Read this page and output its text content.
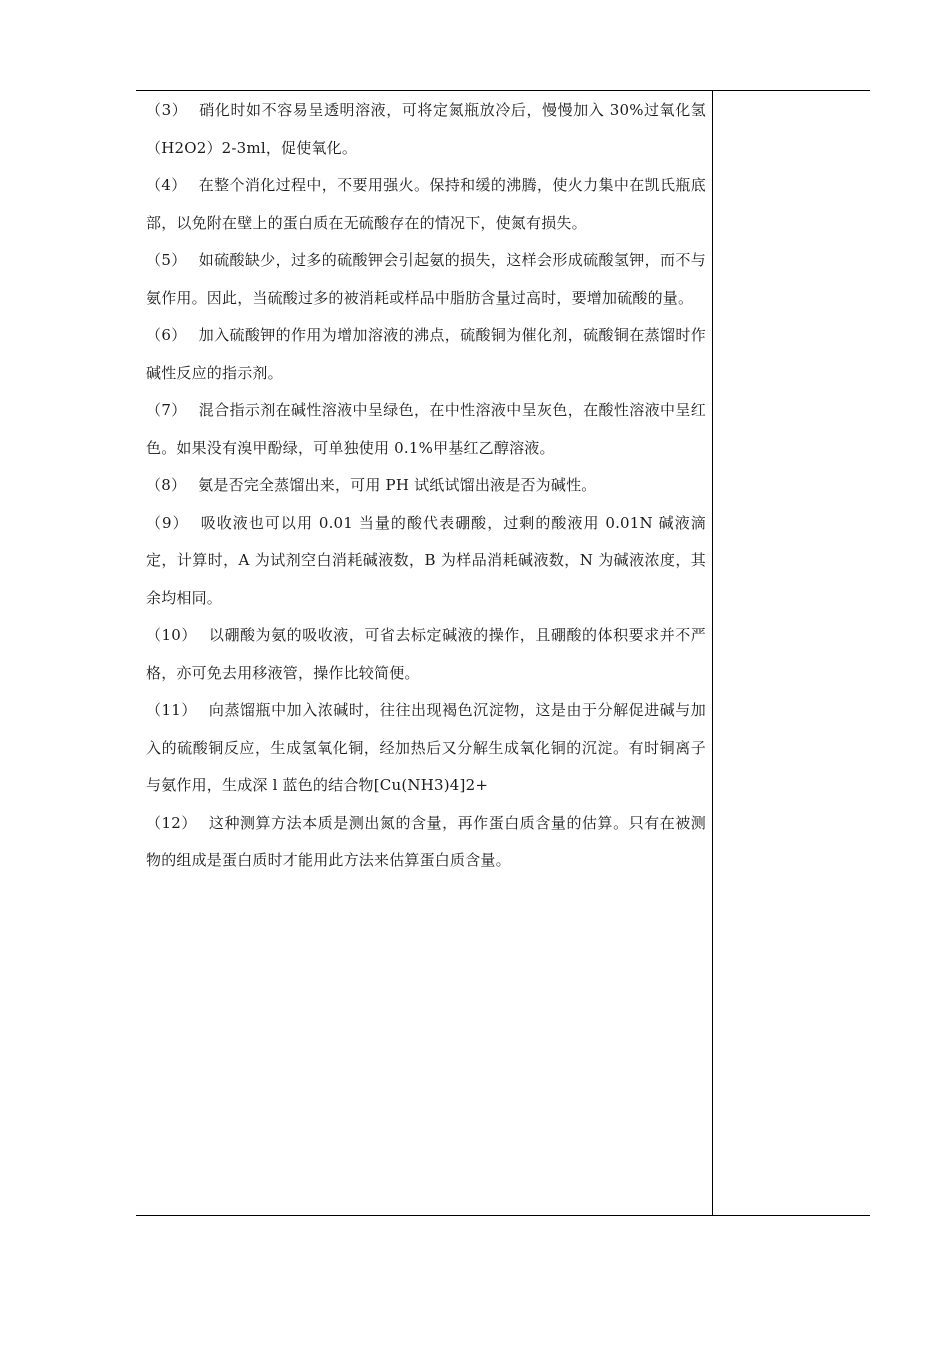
（3） 硝化时如不容易呈透明溶液，可将定氮瓶放冷后，慢慢加入 30%过氧化氢（H2O2）2-3ml，促使氧化。

（4） 在整个消化过程中，不要用强火。保持和缓的沸腾，使火力集中在凯氏瓶底部，以免附在壁上的蛋白质在无硫酸存在的情况下，使氮有损失。

（5） 如硫酸缺少，过多的硫酸钾会引起氨的损失，这样会形成硫酸氢钾，而不与氨作用。因此，当硫酸过多的被消耗或样品中脂肪含量过高时，要增加硫酸的量。

（6） 加入硫酸钾的作用为增加溶液的沸点，硫酸铜为催化剂，硫酸铜在蒸馏时作碱性反应的指示剂。

（7） 混合指示剂在碱性溶液中呈绿色，在中性溶液中呈灰色，在酸性溶液中呈红色。如果没有溴甲酚绿，可单独使用 0.1%甲基红乙醇溶液。

（8） 氨是否完全蒸馏出来，可用 PH 试纸试馏出液是否为碱性。

（9） 吸收液也可以用 0.01 当量的酸代表硼酸，过剩的酸液用 0.01N 碱液滴定，计算时，A 为试剂空白消耗碱液数，B 为样品消耗碱液数，N 为碱液浓度，其余均相同。

（10） 以硼酸为氨的吸收液，可省去标定碱液的操作，且硼酸的体积要求并不严格，亦可免去用移液管，操作比较简便。

（11） 向蒸馏瓶中加入浓碱时，往往出现褐色沉淀物，这是由于分解促进碱与加入的硫酸铜反应，生成氢氧化铜，经加热后又分解生成氧化铜的沉淀。有时铜离子与氨作用，生成深 l 蓝色的结合物[Cu(NH3)4]2+

（12） 这种测算方法本质是测出氮的含量，再作蛋白质含量的估算。只有在被测物的组成是蛋白质时才能用此方法来估算蛋白质含量。
